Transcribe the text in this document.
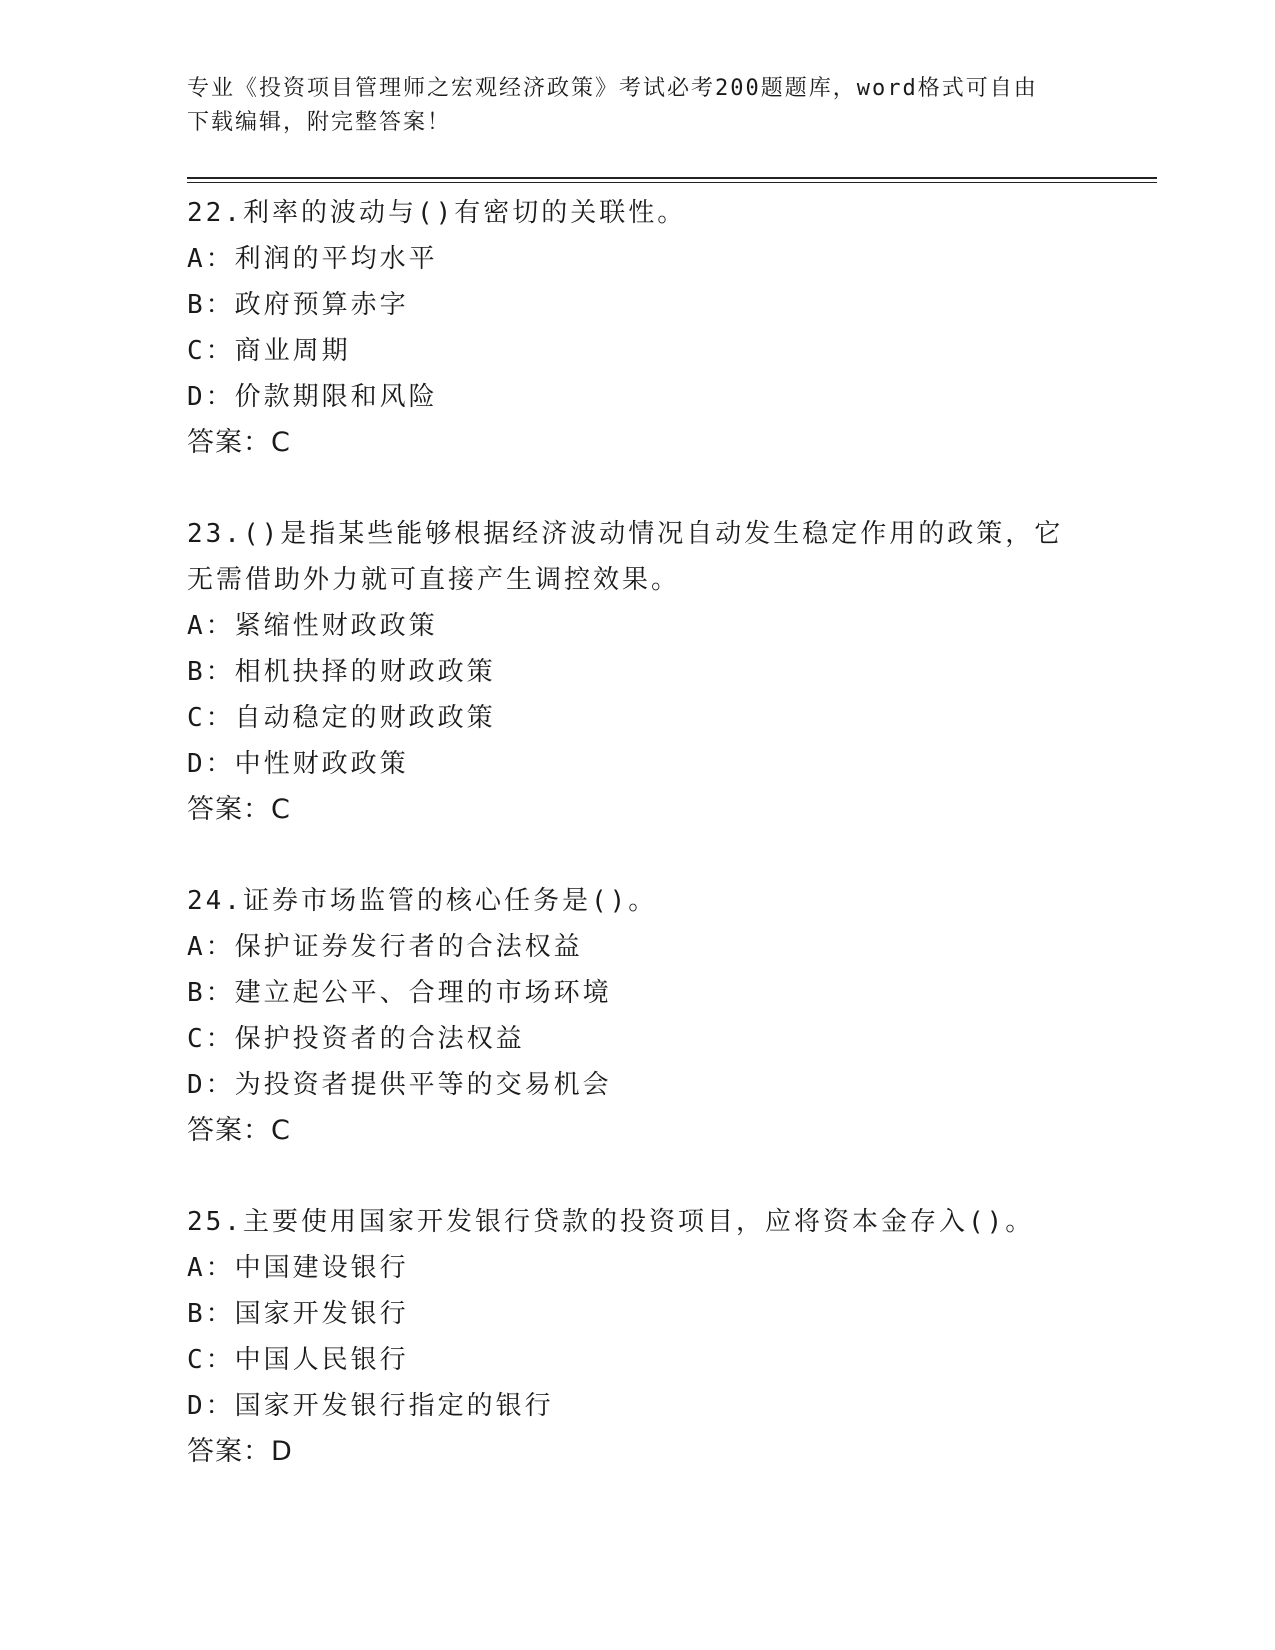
专业《投资项目管理师之宏观经济政策》考试必考200题题库，word格式可自由
下载编辑，附完整答案！
22.利率的波动与()有密切的关联性。
A：利润的平均水平
B：政府预算赤字
C：商业周期
D：价款期限和风险
答案：C
23.()是指某些能够根据经济波动情况自动发生稳定作用的政策，它无需借助外力就可直接产生调控效果。
A：紧缩性财政政策
B：相机抉择的财政政策
C：自动稳定的财政政策
D：中性财政政策
答案：C
24.证券市场监管的核心任务是()。
A：保护证券发行者的合法权益
B：建立起公平、合理的市场环境
C：保护投资者的合法权益
D：为投资者提供平等的交易机会
答案：C
25.主要使用国家开发银行贷款的投资项目，应将资本金存入()。
A：中国建设银行
B：国家开发银行
C：中国人民银行
D：国家开发银行指定的银行
答案：D
